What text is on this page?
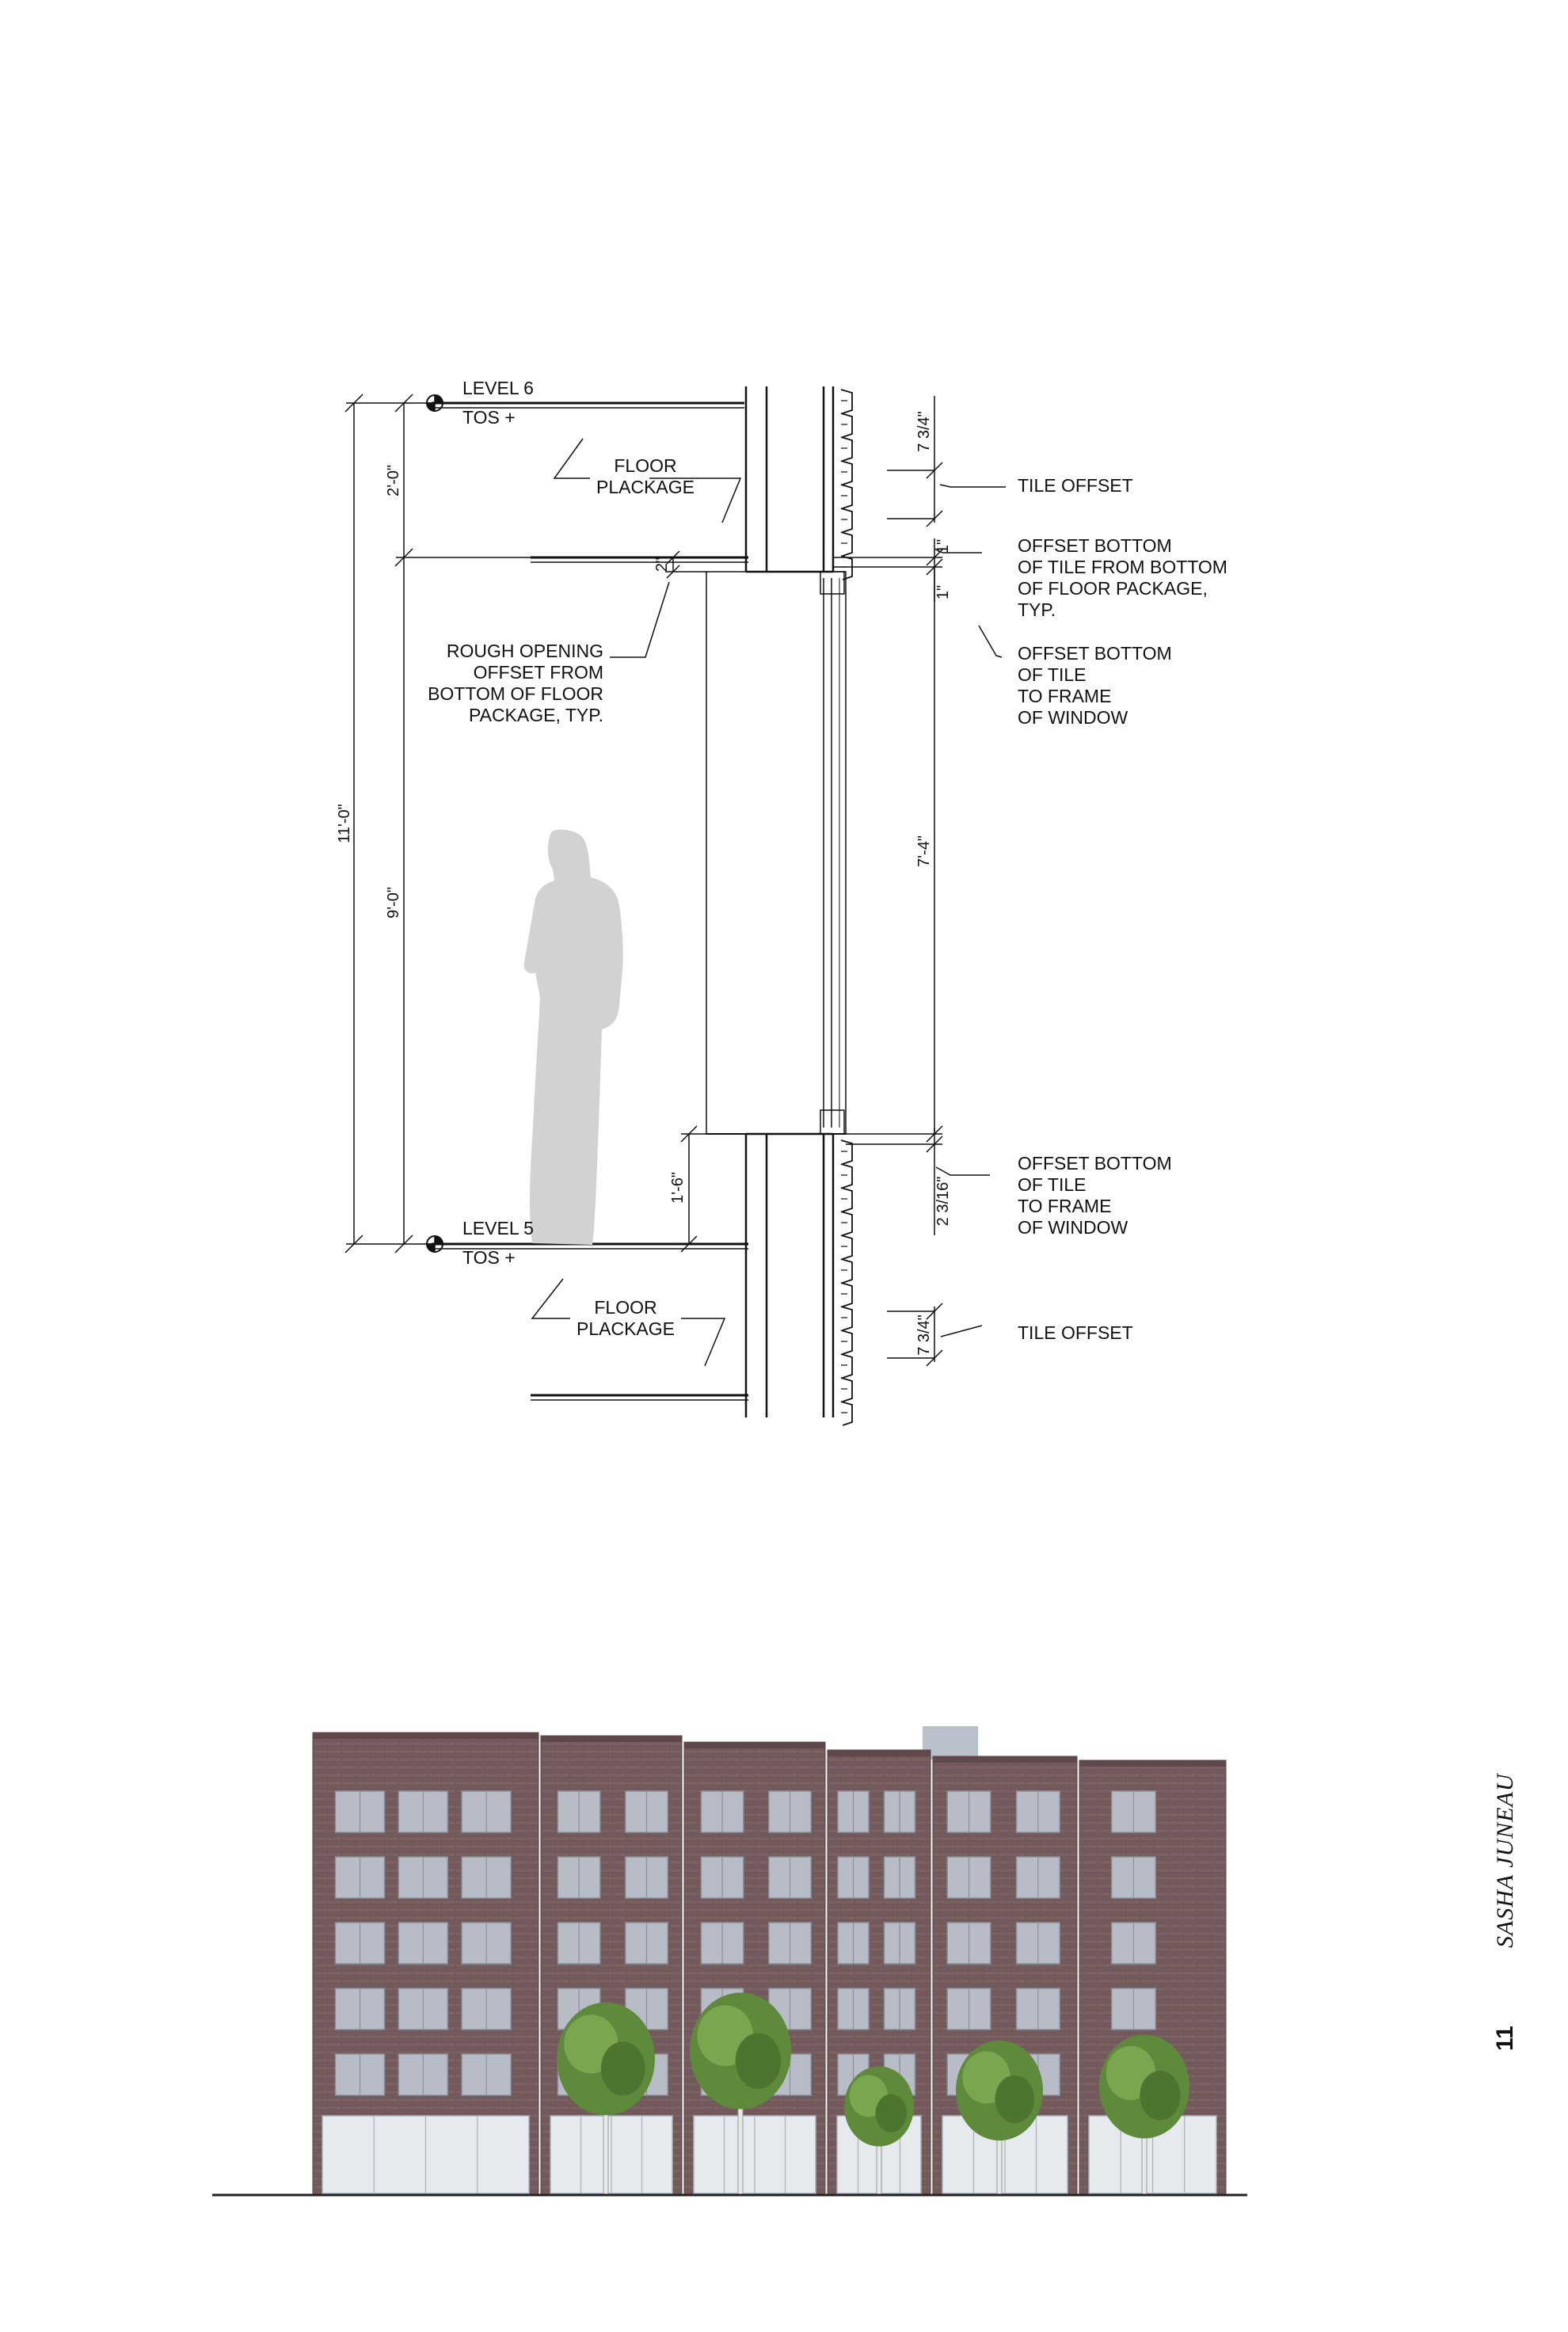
LEVEL 6
TOS +
LEVEL 5
TOS +
FLOOR PLACKAGE
FLOOR PLACKAGE
11'-0"
2'-0"
9'-0"
2"
1'-6"
7'-4"
7 3/4"
1"
1"
2 3/16"
7 3/4"
TILE OFFSET
TILE OFFSET
ROUGH OPENING OFFSET FROM BOTTOM OF FLOOR PACKAGE, TYP.
OFFSET BOTTOM OF TILE FROM BOTTOM OF FLOOR PACKAGE, TYP.
OFFSET BOTTOM OF TILE TO FRAME OF WINDOW
OFFSET BOTTOM OF TILE TO FRAME OF WINDOW
SASHA JUNEAU
11
